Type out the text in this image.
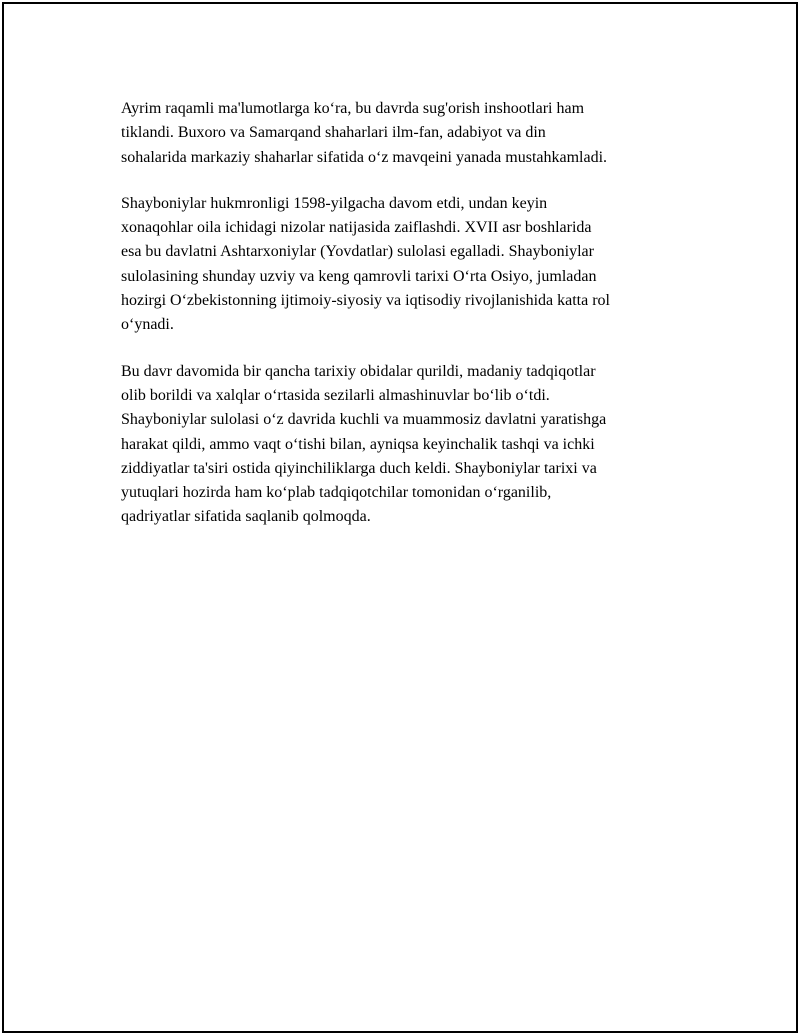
Ayrim raqamli ma'lumotlarga ko‘ra, bu davrda sug'orish inshootlari ham
tiklandi. Buxoro va Samarqand shaharlari ilm-fan, adabiyot va din
sohalarida markaziy shaharlar sifatida o‘z mavqeini yanada mustahkamladi.

Shayboniylar hukmronligi 1598-yilgacha davom etdi, undan keyin
xonaqohlar oila ichidagi nizolar natijasida zaiflashdi. XVII asr boshlarida
esa bu davlatni Ashtarxoniylar (Yovdatlar) sulolasi egalladi. Shayboniylar
sulolasining shunday uzviy va keng qamrovli tarixi O‘rta Osiyo, jumladan
hozirgi O‘zbekistonning ijtimoiy-siyosiy va iqtisodiy rivojlanishida katta rol
o‘ynadi.

Bu davr davomida bir qancha tarixiy obidalar qurildi, madaniy tadqiqotlar
olib borildi va xalqlar o‘rtasida sezilarli almashinuvlar bo‘lib o‘tdi.
Shayboniylar sulolasi o‘z davrida kuchli va muammosiz davlatni yaratishga
harakat qildi, ammo vaqt o‘tishi bilan, ayniqsa keyinchalik tashqi va ichki
ziddiyatlar ta'siri ostida qiyinchiliklarga duch keldi. Shayboniylar tarixi va
yutuqlari hozirda ham ko‘plab tadqiqotchilar tomonidan o‘rganilib,
qadriyatlar sifatida saqlanib qolmoqda.
